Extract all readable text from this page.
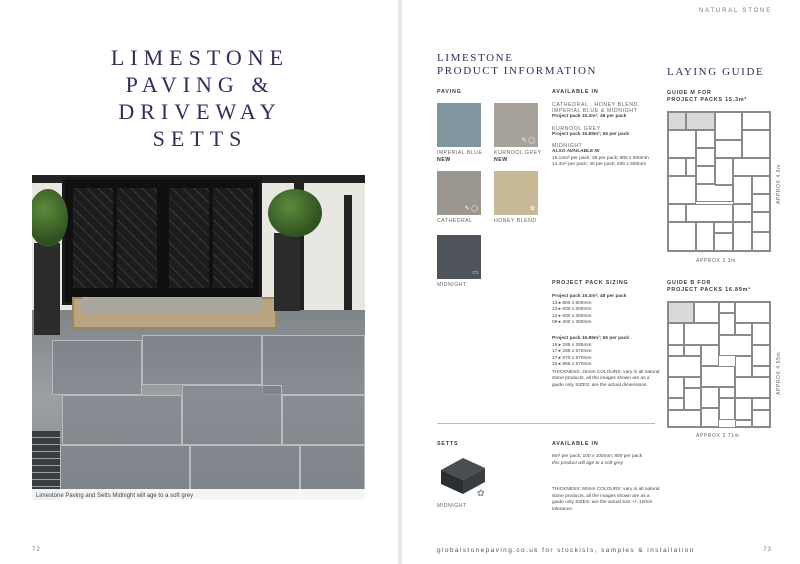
NATURAL STONE
LIMESTONE
PAVING &
DRIVEWAY
SETTS
Limestone Paving and Setts Midnight will age to a soft grey
72
LIMESTONE
PRODUCT INFORMATION	LAYING GUIDE
PAVING	AVAILABLE IN
IMPERIAL BLUE
NEW
✎ ◯
KURNOOL GREY
NEW
✎ ◯
CATHEDRAL
✿
HONEY BLEND
▭
MIDNIGHT
CATHEDRAL , HONEY BLEND,
IMPERIAL BLUE & MIDNIGHT
Project pack 15.3m²; 48 per pack
KURNOOL GREY
Project pack 16.89m²; 65 per pack
MIDNIGHT
ALSO AVAILABLE IN
15.12m² per pack; 28 per pack; 900 x 600mm
14.4m² per pack; 40 per pack; 600 x 600mm
PROJECT PACK SIZING
Project pack 15.3m²; 48 per pack
13 ▸ 900 x 600mm
13 ▸ 600 x 600mm
13 ▸ 600 x 300mm
09 ▸ 300 x 300mm
Project pack 16.89m²; 65 per pack
16 ▸ 285 x 285mm
17 ▸ 285 x 570mm
17 ▸ 570 x 570mm
15 ▸ 855 x 570mm
THICKNESS: 22mm COLOURS: vary in all natural stone products, all the images shown are as a guide only SIZES: are the actual dimensions.
SETTS	AVAILABLE IN
✿
MIDNIGHT
8m² per pack; 100 x 100mm; 800 per pack
this product will age to a soft grey
THICKNESS: 50mm COLOURS: vary in all natural stone products, all the images shown are as a guide only SIZES: are the actual size +/- 10mm tolerance.
GUIDE M FOR
PROJECT PACKS 15.3m²
APPROX 3.3m
APPROX 4.6m
GUIDE B FOR
PROJECT PACKS 16.89m²
APPROX 3.71m
APPROX 4.55m
globalstonepaving.co.uk for stockists, samples & installation	73
